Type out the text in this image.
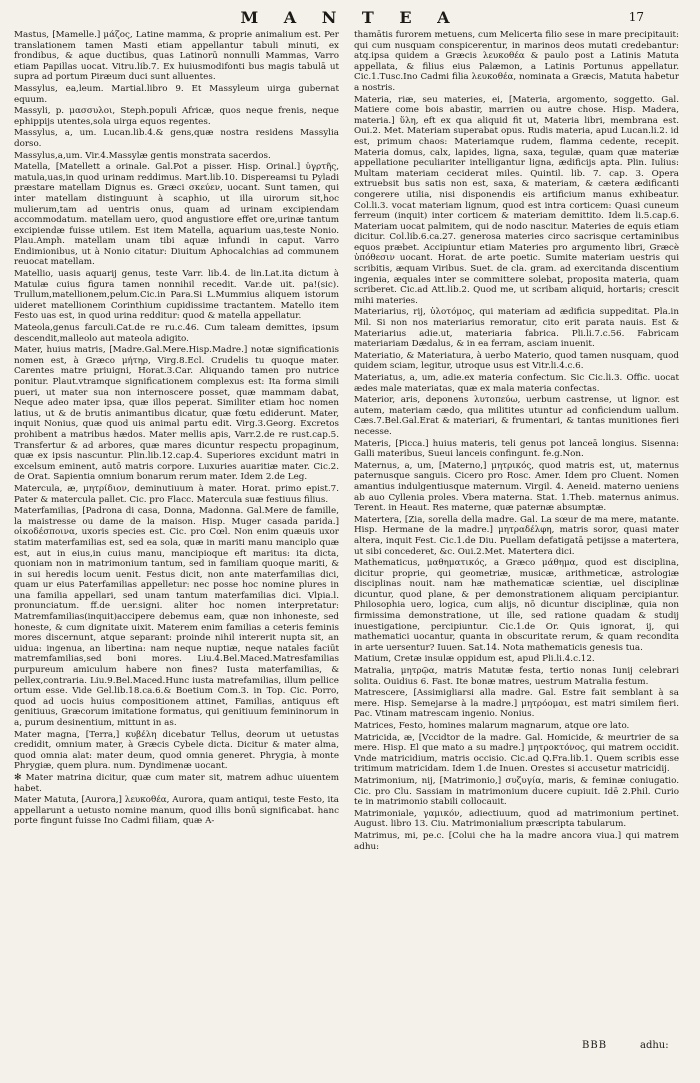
M A N T E A	17

Mastus, [Mamelle.] μάζος, Latine mamma, & proprie animalium est. Per translationem tamen Masti etiam appellantur tabuli minuti, ex frondibus, & aque ductibus, quas Latinorū nonnulli Mammas, Varro etiam Papillas uocat. Vitru.lib.7. Ex huiusmodifonti bus magis tabulā ut supra ad portum Piræum duci sunt alluentes.

Massylus, ea,leum. Martial.libro 9. Et Massyleum uirga gubernat equum.

Massyli, p. μασσυλοι, Steph.populi Africæ, quos neque frenis, neque ephippijs utentes,sola uirga equos regentes.

Massylus, a, um. Lucan.lib.4.& gens,quæ nostra residens Massylia dorso.

Massylus,a,um. Vir.4.Massylæ gentis monstrata sacerdos.

Matella, [Matellett a orinale. Gal.Pot a pisser. Hisp. Orinal.] ὑγρτῆς, matula,uas,in quod urinam reddimus. Mart.lib.10. Dispereamsi tu Pyladi præstare matellam Dignus es. Græci σκεύεν, uocant. Sunt tamen, qui inter matellam distinguunt à scaphio, ut illa uirorum sit,hoc mulierum,tam ad uentris onus, quam ad urinam excipiendam accommodatum. matellam uero, quod angustiore effet ore,urinæ tantum excipiendæ fuisse utilem. Est item Matella, aquarium uas,teste Nonio. Plau.Amph. matellam unam tibi aquæ infundi in caput. Varro Endimionibus, ut à Nonio citatur: Diuitum Aphocalchias ad communem reuocat matellam.

Matellio, uasis aquarij genus, teste Varr. lib.4. de lin.Lat.ita dictum à Matulæ cuius figura tamen nonnihil recedit. Var.de uit. pa!(sic). Trullum,matellionem,pelum.Cic.in Para.Si L.Mummius aliquem istorum uideret matellionem Corinthium cupidissime tractantem. Matello item Festo uas est, in quod urina redditur: quod & matella appellatur.

Mateola,genus farculi.Cat.de re ru.c.46. Cum taleam demittes, ipsum descendit,malleolo aut mateola adigito.

Mater, huius matris, [Madre.Gal.Mere.Hisp.Madre.] notæ significationis nomen est, à Græco μήτηρ, Virg.8.Ecl. Crudelis tu quoque mater. Carentes matre priuigni, Horat.3.Car. Aliquando tamen pro nutrice ponitur. Plaut.vtramque significationem complexus est: Ita forma simili pueri, ut mater sua non internoscere posset, quæ mammam dabat, Neque adeo mater ipsa, quæ illos peperat. Similiter etiam hoc nomen latius, ut & de brutis animantibus dicatur, quæ fœtu ediderunt. Mater, inquit Nonius, quæ quod uis animal partu edit. Virg.3.Georg. Excretos prohibent a matribus hædos. Mater mellis apis, Varr.2.de re rust.cap.5. Transfertur & ad arbores, quæ mares dicuntur respectu propaginum, quæ ex ipsis nascuntur. Plin.lib.12.cap.4. Superiores excidunt matri in excelsum eminent, autō matris corpore. Luxuries auaritiæ mater. Cic.2. de Orat. Sapientia omnium bonarum rerum mater. Idem 2.de Leg.

Matercula, æ, μητρίδιον, deminutiuum à mater. Horat. primo epist.7. Pater & matercula pallet. Cic. pro Flacc. Matercula suæ festiuus filius.

Materfamilias, [Padrona di casa, Donna, Madonna. Gal.Mere de famille, la maistresse ou dame de la maison. Hisp. Muger casada parida.] οἰκοδέσποινα, uxoris species est. Cic. pro Cœl. Non enim quæuis uxor statim materfamilias est, sed ea sola, quæ in mariti manu manciplo quæ est, aut in eius,in cuius manu, mancipioque eft maritus: ita dicta, quoniam non in matrimonium tantum, sed in familiam quoque mariti, & in sui heredis locum uenit. Festus dicit, non ante materfamilias dici, quam ur eius Paterfamilias appelletur: nec posse hoc nomine plures in una familia appellari, sed unam tantum materfamilias dici. Vlpia.l. pronunciatum. ff.de uer.signi. aliter hoc nomen interpretatur: Matremfamilias(inquit)accipere debemus eam, quæ non inhoneste, sed honeste, & cum dignitate uixit. Materem enim familias a ceteris feminis mores discernunt, atque separant: proinde nihil intererit nupta sit, an uidua: ingenua, an libertina: nam neque nuptiæ, neque natales faciūt matremfamilias,sed boni mores. Liu.4.Bel.Maced.Matresfamilias purpureum amiculum habere non fines? Iusta materfamilias, & pellex,contraria. Liu.9.Bel.Maced.Hunc iusta matrefamilias, illum pellice ortum esse. Vide Gel.lib.18.ca.6.& Boetium Com.3. in Top. Cic. Porro, quod ad uocis huius compositionem attinet, Familias, antiquus eft genitiuus, Græcorum imitatione formatus, qui genitiuum femininorum in a, purum desinentium, mittunt in as.

Mater magna, [Terra,] κυβέλη dicebatur Tellus, deorum ut uetustas credidit, omnium mater, à Græcis Cybele dicta. Dicitur & mater alma, quod omnia alat: mater deum, quod omnia generet. Phrygia, à monte Phrygiæ, quem plura. num. Dyndimenæ uocant.

✻ Mater matrina dicitur, quæ cum mater sit, matrem adhuc uiuentem habet.

Mater Matuta, [Aurora,] λευκοθέα, Aurora, quam antiqui, teste Festo, ita appellarunt a uetusto nomine manum, quod illis bonū significabat. hanc porte fingunt fuisse Ino Cadmi filiam, quæ A-

thamātis furorem metuens, cum Melicerta filio sese in mare precipitauit: qui cum nusquam conspicerentur, in marinos deos mutati credebantur: atq.ipsa quidem a Græcis λευκοθέα & paulo post a Latinis Matuta appellata, & filius eius Palæmon, a Latinis Portunus appellatur. Cic.1.Tusc.Ino Cadmi filia λευκοθέα, nominata a Græcis, Matuta habetur a nostris.

Materia, riæ, seu materies, ei, [Materia, argomento, soggetto. Gal. Matiere come bois abastir, marrien ou autre chose. Hisp. Madera, materia.] ὕλη, eft ex qua aliquid fit ut, Materia libri, membrana est. Oui.2. Met. Materiam superabat opus. Rudis materia, apud Lucan.li.2. id est, primum chaos: Materiamque rudem, flamma cedente, recepit. Materia domus, calx, lapides, ligna, saxa, tegulæ, quam quæ materiæ appellatione peculiariter intelligantur ligna, ædificijs apta. Plin. Iulius: Multam materiam ceciderat miles. Quintil. lib. 7. cap. 3. Opera extruebsit bus satis non est, saxa, & materiam, & cætera ædificanti congerere utilia, nisi disponendis eis artificium manus exhibeatur. Col.li.3. vocat materiam lignum, quod est intra corticem: Quasi cuneum ferreum (inquit) inter corticem & materiam demittito. Idem li.5.cap.6. Materiam uocat palmitem, qui de nodo nascitur. Materies de equis etiam dicitur. Col.lib.6.ca.27. generosa materies circo sacrisque certaminibus equos præbet. Accipiuntur etiam Materies pro argumento libri, Græcè ὑπόθεσιν uocant. Horat. de arte poetic. Sumite materiam uestris qui scribitis, æquam Viribus. Suet. de cla. gram. ad exercitanda discentium ingenia, æquales inter se committere solebat, proposita materia, quam scriberet. Cic.ad Att.lib.2. Quod me, ut scribam aliquid, hortaris; crescit mihi materies.

Materiarius, rij, ὑλοτόμος, qui materiam ad ædificia suppeditat. Pla.in Mil. Si non nos materiarius remoratur, cito erit parata nauis. Est & Materiarius adie.ut, materiaria fabrica. Pli.li.7.c.56. Fabricam materiariam Dædalus, & in ea ferram, asciam inuenit.

Materiatio, & Materiatura, à uerbo Materio, quod tamen nusquam, quod quidem sciam, legitur, utroque usus est Vitr.li.4.c.6.

Materiatus, a, um, adie.ex materia confectum. Sic Cic.li.3. Offic. uocat ædes male materiatas, quæ ex mala materia confectas.

Materior, aris, deponens λυτοπεύω, uerbum castrense, ut lignor. est autem, materiam cædo, qua militites utuntur ad conficiendum uallum. Cæs.7.Bel.Gal.Erat & materiari, & frumentari, & tantas munitiones fieri necesse.

Materis, [Picca.] huius materis, teli genus pot lanceā longius. Sisenna: Galli materibus, Sueui lanceis confingunt. fe.g.Non.

Maternus, a, um, [Materno,] μητρικός, quod matris est, ut, maternus paternusque sanguis. Cicero pro Rosc. Amer. Idem pro Cluent. Nomen amantius indulgentiusque maternum. Virgil. 4. Aeneid. materno ueniens ab auo Cyllenia proles. Vbera materna. Stat. 1.Theb. maternus animus. Terent. in Heaut. Res materne, quæ paternæ absumptæ.

Matertera, [Zia, sorella della madre. Gal. La sœur de ma mere, matante. Hisp. Hermane de la madre.] μητραδέλφη, matris soror, quasi mater altera, inquit Fest. Cic.1.de Diu. Puellam defatigatā petijsse a matertera, ut sibi concederet, &c. Oui.2.Met. Matertera dici.

Mathematicus, μαθηματικός, a Græco μάθημα, quod est disciplina, dicitur proprie, qui geometriæ, musicæ, arithmeticæ, astrologiæ disciplinas nouit. nam hæ mathematicæ scientiæ, uel disciplinæ dicuntur, quod plane, & per demonstrationem aliquam percipiantur. Philosophia uero, logica, cum alijs, nō dicuntur disciplinæ, quia non firmissima demonstratione, ut ille, sed ratione quadam & studij inuestigatione, percipiuntur. Cic.1.de Or. Quis ignorat, ij, qui mathematici uocantur, quanta in obscuritate rerum, & quam recondita in arte uersentur? Iuuen. Sat.14. Nota mathematicis genesis tua.

Matium, Cretæ insulæ oppidum est, apud Pli.li.4.c.12.

Matralia, μητρῷα, matris Matutæ festa, tertio nonas Iunij celebrari solita. Ouidius 6. Fast. Ite bonæ matres, uestrum Matralia festum.

Matrescere, [Assimigliarsi alla madre. Gal. Estre fait semblant à sa mere. Hisp. Semejarse à la madre.] μητρόομαι, est matri similem fieri. Pac. Vtinam matrescam ingenio. Nonius.

Matrices, Festo, homines malarum magnarum, atque ore lato.

Matricida, æ, [Vccidtor de la madre. Gal. Homicide, & meurtrier de sa mere. Hisp. El que mato a su madre.] μητροκτόνος, qui matrem occidit. Vnde matricidium, matris occisio. Cic.ad Q.Fra.lib.1. Quem scribis esse tritimum matricidam. Idem 1.de Inuen. Orestes si accusetur matricidij.

Matrimonium, nij, [Matrimonio,] συζυγία, maris, & feminæ coniugatio. Cic. pro Clu. Sassiam in matrimonium ducere cupiuit. Idē 2.Phil. Curio te in matrimonio stabili collocauit.

Matrimoniale, γαμικόν, adiectiuum, quod ad matrimonium pertinet. August. libro 13. Ciu. Matrimonialium præscripta tabularum.

Matrimus, mi, pe.c. [Colui che ha la madre ancora viua.] qui matrem adhu:

BBB	adhu:
